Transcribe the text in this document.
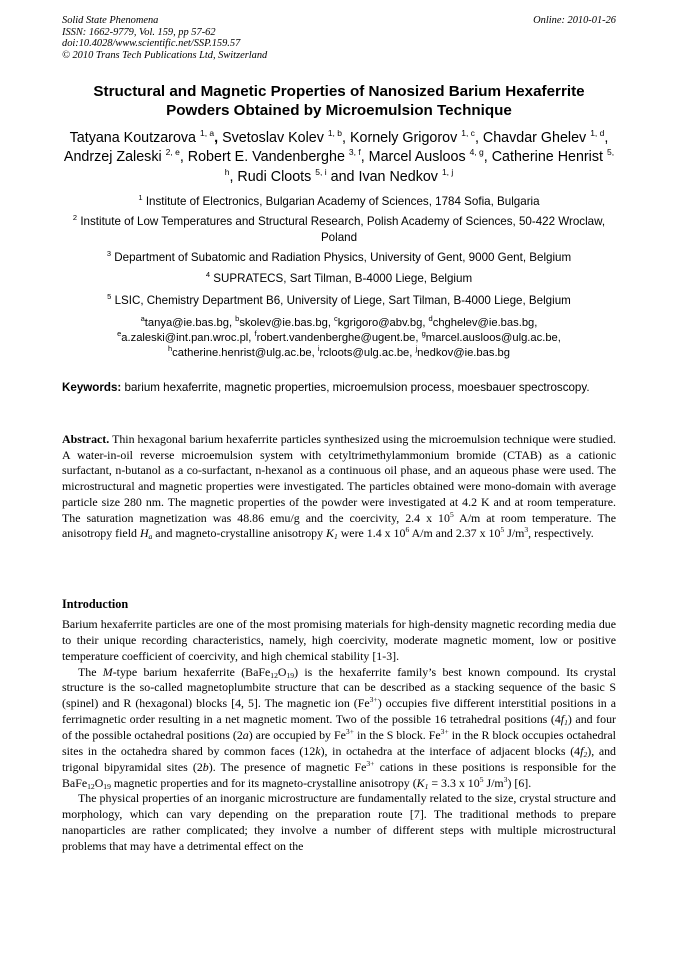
Solid State Phenomena
ISSN: 1662-9779, Vol. 159, pp 57-62
doi:10.4028/www.scientific.net/SSP.159.57
© 2010 Trans Tech Publications Ltd, Switzerland
Online: 2010-01-26
Structural and Magnetic Properties of Nanosized Barium Hexaferrite
Powders Obtained by Microemulsion Technique
Tatyana Koutzarova $^{1, a}$, Svetoslav Kolev $^{1, b}$, Kornely Grigorov $^{1, c}$, Chavdar Ghelev $^{1, d}$, Andrzej Zaleski $^{2, e}$, Robert E. Vandenberghe $^{3, f}$, Marcel Ausloos $^{4, g}$, Catherine Henrist $^{5, h}$, Rudi Cloots $^{5, i}$ and Ivan Nedkov $^{1, j}$
$^1$ Institute of Electronics, Bulgarian Academy of Sciences, 1784 Sofia, Bulgaria
$^2$ Institute of Low Temperatures and Structural Research, Polish Academy of Sciences, 50-422 Wroclaw, Poland
$^3$ Department of Subatomic and Radiation Physics, University of Gent, 9000 Gent, Belgium
$^4$ SUPRATECS, Sart Tilman, B-4000 Liege, Belgium
$^5$ LSIC, Chemistry Department B6, University of Liege, Sart Tilman, B-4000 Liege, Belgium
$^a$tanya@ie.bas.bg, $^b$skolev@ie.bas.bg, $^c$kgrigoro@abv.bg, $^d$chghelev@ie.bas.bg,
$^e$a.zaleski@int.pan.wroc.pl, $^f$robert.vandenberghe@ugent.be, $^g$marcel.ausloos@ulg.ac.be,
$^h$catherine.henrist@ulg.ac.be, $^i$rcloots@ulg.ac.be, $^j$nedkov@ie.bas.bg
Keywords: barium hexaferrite, magnetic properties, microemulsion process, moesbauer spectroscopy.
Abstract. Thin hexagonal barium hexaferrite particles synthesized using the microemulsion technique were studied. A water-in-oil reverse microemulsion system with cetyltrimethylammonium bromide (CTAB) as a cationic surfactant, n-butanol as a co-surfactant, n-hexanol as a continuous oil phase, and an aqueous phase were used. The microstructural and magnetic properties were investigated. The particles obtained were mono-domain with average particle size 280 nm. The magnetic properties of the powder were investigated at 4.2 K and at room temperature. The saturation magnetization was 48.86 emu/g and the coercivity, 2.4 x $10^5$ A/m at room temperature. The anisotropy field $H_a$ and magneto-crystalline anisotropy $K_1$ were 1.4 x $10^6$ A/m and 2.37 x $10^5$ $J/m^3$, respectively.
Introduction

Barium hexaferrite particles are one of the most promising materials for high-density magnetic recording media due to their unique recording characteristics, namely, high coercivity, moderate magnetic moment, low or positive temperature coefficient of coercivity, and high chemical stability [1-3].

The M-type barium hexaferrite $(BaFe_{12}O_{19})$ is the hexaferrite family’s best known compound. Its crystal structure is the so-called magnetoplumbite structure that can be described as a stacking sequence of the basic S (spinel) and R (hexagonal) blocks [4, 5]. The magnetic ion $(Fe^{3+})$ occupies five different interstitial positions in a ferrimagnetic order resulting in a net magnetic moment. Two of the possible 16 tetrahedral positions $(4f_1)$ and four of the possible octahedral positions (2a) are occupied by $Fe^{3+}$ in the S block. $Fe^{3+}$ in the R block occupies octahedral sites in the octahedra shared by common faces (12k), in octahedra at the interface of adjacent blocks $(4f_2)$, and trigonal bipyramidal sites (2b). The presence of magnetic $Fe^{3+}$ cations in these positions is responsible for the $BaFe_{12}O_{19}$ magnetic properties and for its magneto-crystalline anisotropy ($K_1 = 3.3$ x $10^5$ $J/m^3$) [6].

The physical properties of an inorganic microstructure are fundamentally related to the size, crystal structure and morphology, which can vary depending on the preparation route [7]. The traditional methods to prepare nanoparticles are rather complicated; they involve a number of different steps with multiple microstructural problems that may have a detrimental effect on the
